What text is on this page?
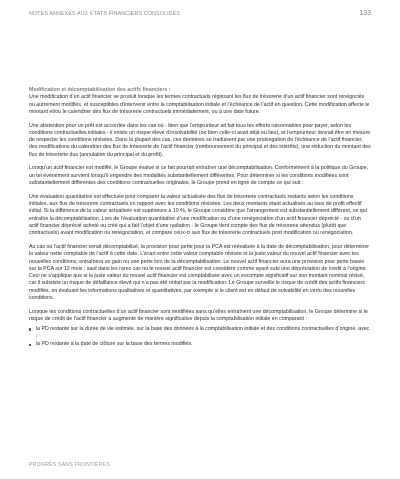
NOTES ANNEXES AUX ÉTATS FINANCIERS CONSOLIDÉS	133

Modification et décomptabilisation des actifs financiers :

Une modification d’un actif financier se produit lorsque les termes contractuels régissant les flux de trésorerie d’un actif financier sont renégociés ou autrement modifiés, et susceptibles d’intervenir entre la comptabilisation initiale et l’échéance de l’actif en question. Cette modification affecte le montant et/ou le calendrier des flux de trésorerie contractuels immédiatement, ou à une date future.

Une abstention pour un prêt est accordée dans les cas où - bien que l’emprunteur ait fait tous les efforts raisonnables pour payer, selon les conditions contractuelles initiales - il existe un risque élevé d’insolvabilité (ou bien celle-ci avait déjà eu lieu), et l’emprunteur devrait être en mesure de respecter les conditions révisées. Dans la plupart des cas, ces dernières se traduisent par une prolongation de l’échéance de l’actif financier, des modifications du calendrier des flux de trésorerie de l’actif financier (remboursement du principal et des intérêts), une réduction du montant des flux de trésorerie dus (annulation du principal et du profit).

Lorsqu’un actif financier est modifié, le Groupe évalue si ce fait pourrait entraîner une décomptabilisation. Conformément à la politique du Groupe, un tel événement survient lorsqu’il engendre des modalités substantiellement différentes. Pour déterminer si les conditions modifiées sont substantiellement différentes des conditions contractuelles originales, le Groupe prend en ligne de compte ce qui suit :

Une évaluation quantitative est effectuée pour comparer la valeur actualisée des flux de trésorerie contractuels restants selon les conditions initiales, aux flux de trésorerie contractuels en rapport avec les conditions révisées. Les deux montants étant actualisés au taux de profit effectif initial. Si la différence de la valeur actualisée est supérieure à 10 %, le Groupe considère que l’arrangement est substantiellement différent, ce qui entraîne la décomptabilisation. Lors de l’évaluation quantitative d’une modification ou d’une renégociation d’un actif financier déprécié - ou d’un actif financier déprécié acheté ou créé qui a fait l’objet d’une radiation - le Groupe tient compte des flux de trésorerie attendus (plutôt que contractuels) avant modification ou renégociation, et compare ceux-ci aux flux de trésorerie contractuels post modification ou renégociation.

Au cas où l’actif financier serait décomptabilisé, la provision pour perte pour la PCA est réévaluée à la date de décomptabilisation, pour déterminer la valeur nette comptable de l’actif à cette date. L’écart entre cette valeur comptable révisée et la juste valeur du nouvel actif financier avec les nouvelles conditions, entraînera un gain ou une perte lors de la décomptabilisation. Le nouvel actif financier aura une provision pour perte basée sur la PCA sur 12 mois ; sauf dans les rares cas où le nouvel actif financier est considéré comme ayant subi une dépréciation de crédit à l’origine. Ceci ne s’applique que si la juste valeur du nouvel actif financier est comptabilisée avec un escompte significatif sur son montant nominal révisé, car il subsiste un risque de défaillance élevé qui n’a pas été réduit par la modification. Le Groupe surveille le risque de crédit des actifs financiers modifiés, en évaluant les informations qualitatives et quantitatives, par exemple si le client est en défaut de solvabilité en vertu des nouvelles conditions.

Lorsque les conditions contractuelles d’un actif financier sont modifiées sans qu’elles entraînent une décomptabilisation, le Groupe détermine si le risque de crédit de l’actif financier a augmenté de manière significative depuis la comptabilisation initiale en comparant :

la PD restante sur la durée de vie estimée, sur la base des données à la comptabilisation initiale et des conditions contractuelles d’origine, avec ;
la PD restante à la date de clôture sur la base des termes modifiés.
PROGRÈS SANS FRONTIÈRES
